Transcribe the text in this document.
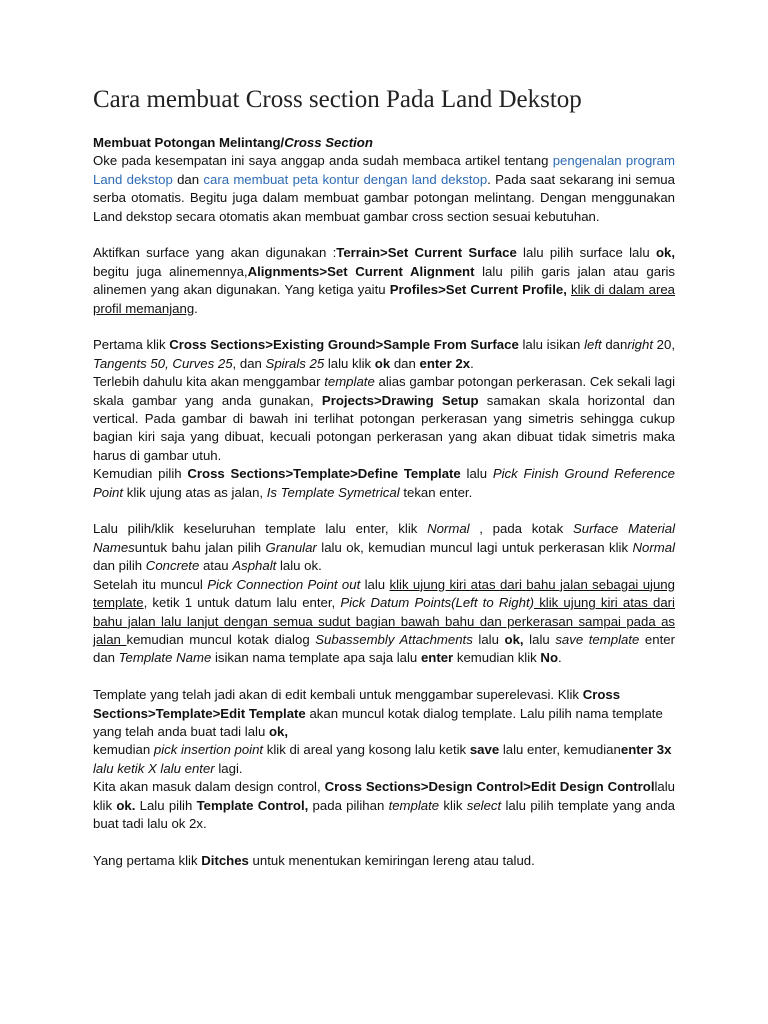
Cara membuat Cross section Pada Land Dekstop

Membuat Potongan Melintang/Cross Section

Oke pada kesempatan ini saya anggap anda sudah membaca artikel tentang pengenalan program Land dekstop dan cara membuat peta kontur dengan land dekstop. Pada saat sekarang ini semua serba otomatis. Begitu juga dalam membuat gambar potongan melintang. Dengan menggunakan Land dekstop secara otomatis akan membuat gambar cross section sesuai kebutuhan.

Aktifkan surface yang akan digunakan :Terrain>Set Current Surface lalu pilih surface lalu ok, begitu juga alinemennya,Alignments>Set Current Alignment lalu pilih garis jalan atau garis alinemen yang akan digunakan. Yang ketiga yaitu Profiles>Set Current Profile, klik di dalam area profil memanjang.

Pertama klik Cross Sections>Existing Ground>Sample From Surface lalu isikan left danright 20, Tangents 50, Curves 25, dan Spirals 25 lalu klik ok dan enter 2x.

Terlebih dahulu kita akan menggambar template alias gambar potongan perkerasan. Cek sekali lagi skala gambar yang anda gunakan, Projects>Drawing Setup samakan skala horizontal dan vertical. Pada gambar di bawah ini terlihat potongan perkerasan yang simetris sehingga cukup bagian kiri saja yang dibuat, kecuali potongan perkerasan yang akan dibuat tidak simetris maka harus di gambar utuh.

Kemudian pilih Cross Sections>Template>Define Template lalu Pick Finish Ground Reference Point klik ujung atas as jalan, Is Template Symetrical tekan enter.

Lalu pilih/klik keseluruhan template lalu enter, klik Normal , pada kotak Surface Material Namesuntuk bahu jalan pilih Granular lalu ok, kemudian muncul lagi untuk perkerasan klik Normal dan pilih Concrete atau Asphalt lalu ok.

Setelah itu muncul Pick Connection Point out lalu klik ujung kiri atas dari bahu jalan sebagai ujung template, ketik 1 untuk datum lalu enter, Pick Datum Points(Left to Right) klik ujung kiri atas dari bahu jalan lalu lanjut dengan semua sudut bagian bawah bahu dan perkerasan sampai pada as jalan kemudian muncul kotak dialog Subassembly Attachments lalu ok, lalu save template enter dan Template Name isikan nama template apa saja lalu enter kemudian klik No.

Template yang telah jadi akan di edit kembali untuk menggambar superelevasi. Klik Cross Sections>Template>Edit Template akan muncul kotak dialog template. Lalu pilih nama template yang telah anda buat tadi lalu ok,

kemudian pick insertion point klik di areal yang kosong lalu ketik save lalu enter, kemudianenter 3x lalu ketik X lalu enter lagi.

Kita akan masuk dalam design control, Cross Sections>Design Control>Edit Design Controllalu klik ok. Lalu pilih Template Control, pada pilihan template klik select lalu pilih template yang anda buat tadi lalu ok 2x.

Yang pertama klik Ditches untuk menentukan kemiringan lereng atau talud.
